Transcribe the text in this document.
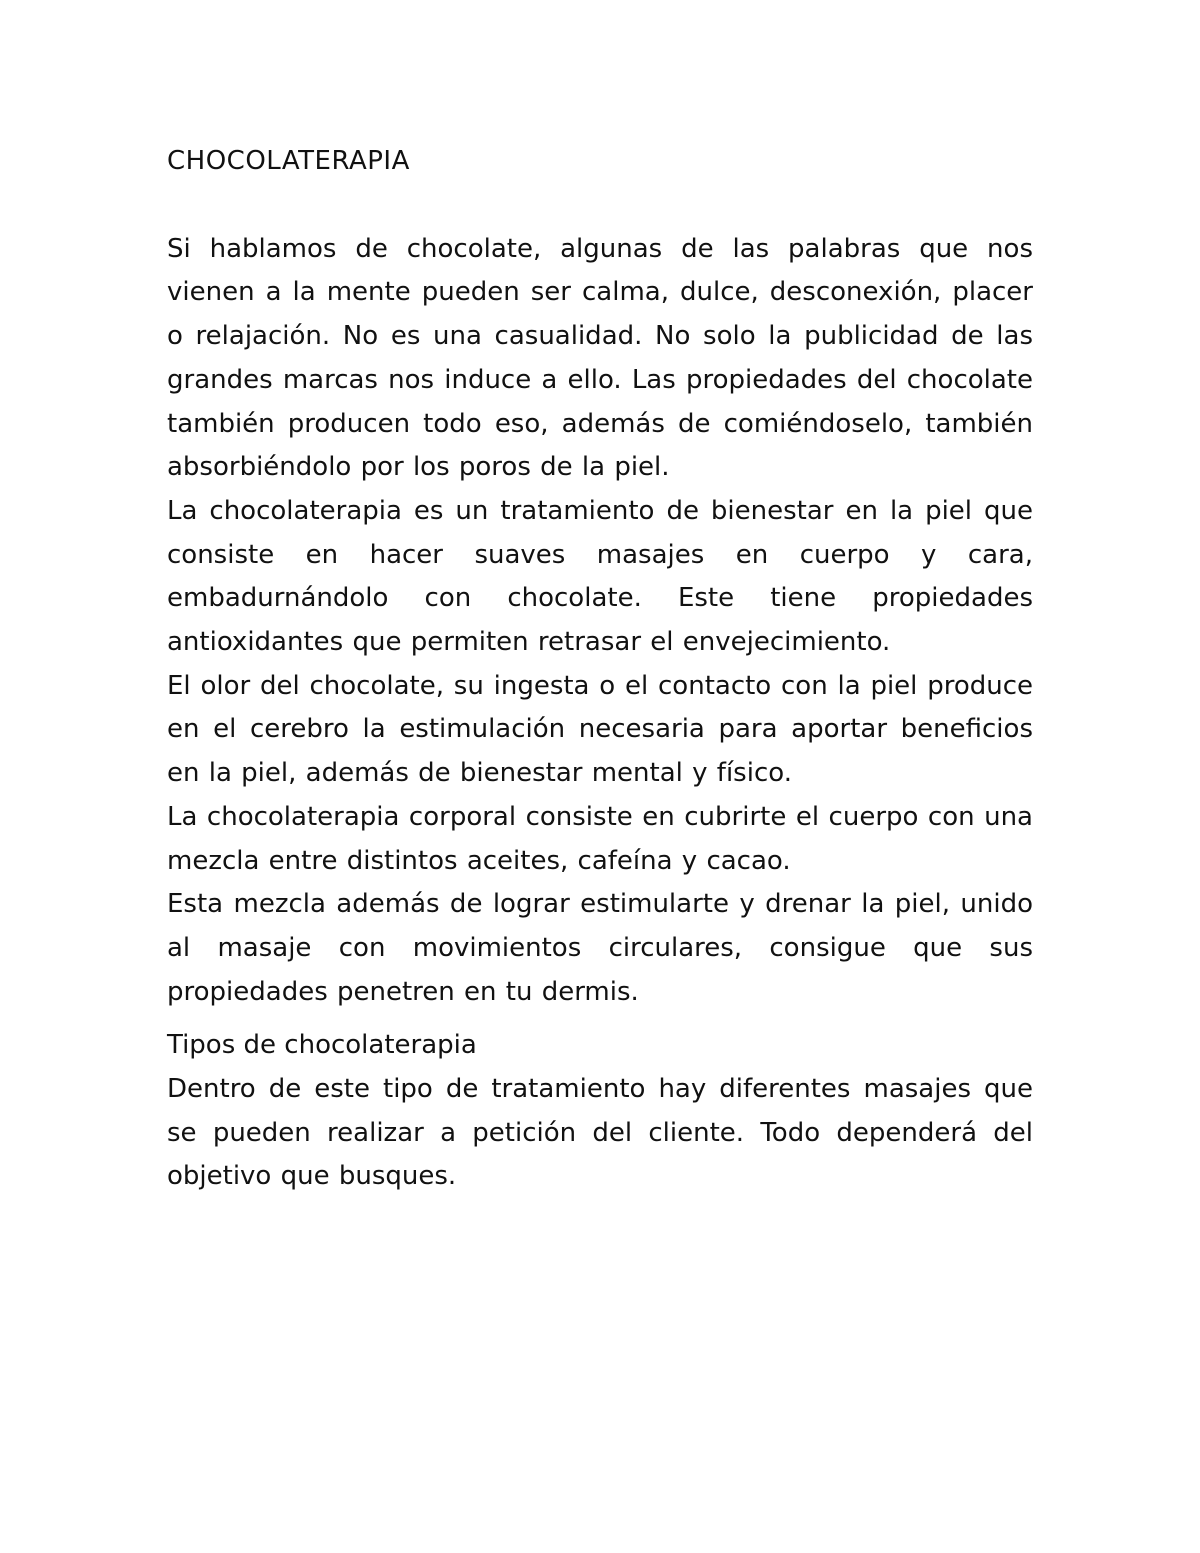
CHOCOLATERAPIA

Si hablamos de chocolate, algunas de las palabras que nos vienen a la mente pueden ser calma, dulce, desconexión, placer o relajación. No es una casualidad. No solo la publicidad de las grandes marcas nos induce a ello. Las propiedades del chocolate también producen todo eso, además de comiéndoselo, también absorbiéndolo por los poros de la piel.

La chocolaterapia es un tratamiento de bienestar en la piel que consiste en hacer suaves masajes en cuerpo y cara, embadurnándolo con chocolate. Este tiene propiedades antioxidantes que permiten retrasar el envejecimiento.

El olor del chocolate, su ingesta o el contacto con la piel produce en el cerebro la estimulación necesaria para aportar beneficios en la piel, además de bienestar mental y físico.

La chocolaterapia corporal consiste en cubrirte el cuerpo con una mezcla entre distintos aceites, cafeína y cacao.

Esta mezcla además de lograr estimularte y drenar la piel, unido al masaje con movimientos circulares, consigue que sus propiedades penetren en tu dermis.

Tipos de chocolaterapia

Dentro de este tipo de tratamiento hay diferentes masajes que se pueden realizar a petición del cliente. Todo dependerá del objetivo que busques.
